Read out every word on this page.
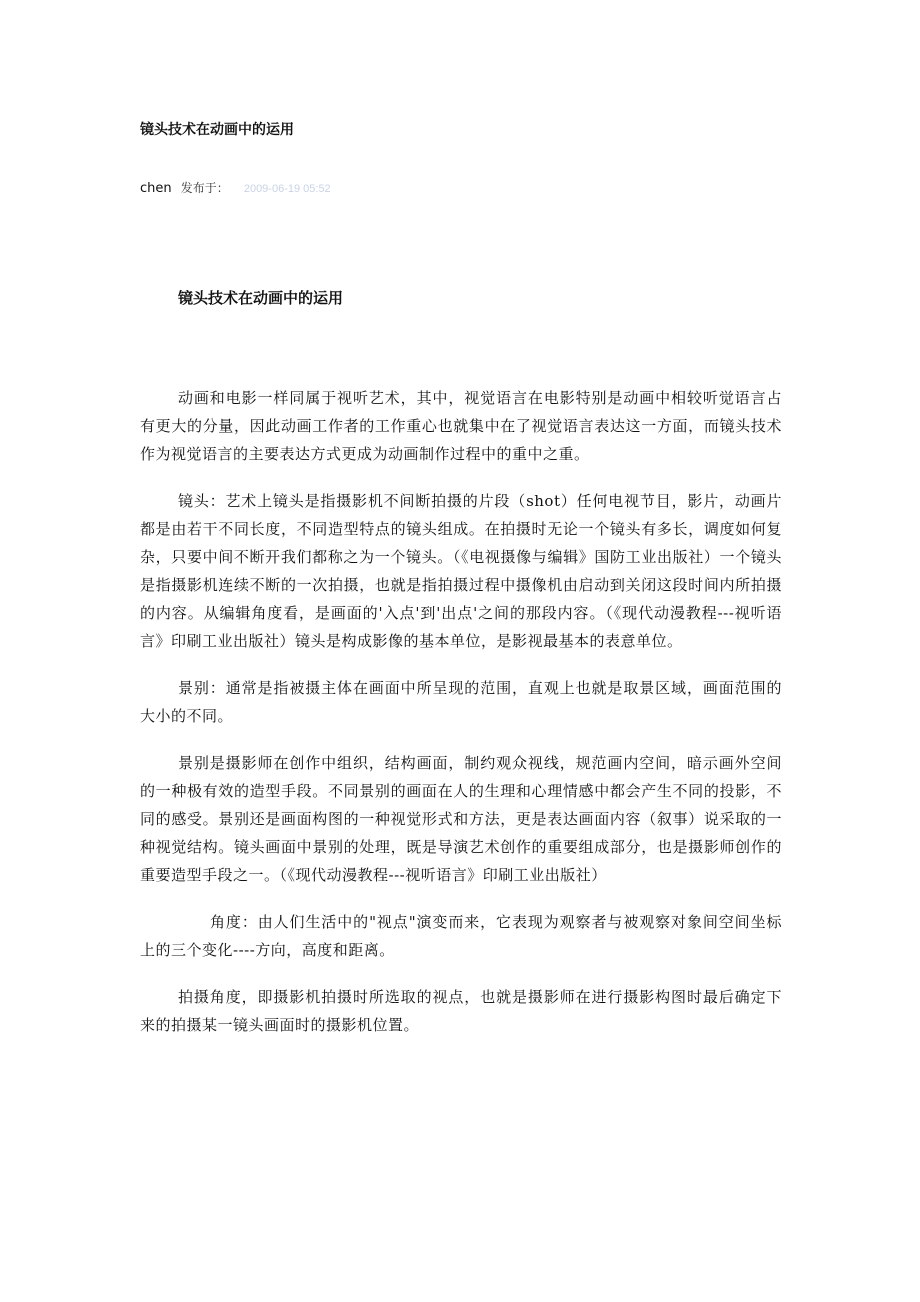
镜头技术在动画中的运用
chen 发布于： 2009-06-19 05:52
镜头技术在动画中的运用

动画和电影一样同属于视听艺术，其中，视觉语言在电影特别是动画中相较听觉语言占有更大的分量，因此动画工作者的工作重心也就集中在了视觉语言表达这一方面，而镜头技术作为视觉语言的主要表达方式更成为动画制作过程中的重中之重。

镜头：艺术上镜头是指摄影机不间断拍摄的片段（shot）任何电视节目，影片，动画片都是由若干不同长度，不同造型特点的镜头组成。在拍摄时无论一个镜头有多长，调度如何复杂，只要中间不断开我们都称之为一个镜头。（《电视摄像与编辑》国防工业出版社）一个镜头是指摄影机连续不断的一次拍摄，也就是指拍摄过程中摄像机由启动到关闭这段时间内所拍摄的内容。从编辑角度看，是画面的'入点'到'出点'之间的那段内容。（《现代动漫教程---视听语言》印刷工业出版社）镜头是构成影像的基本单位，是影视最基本的表意单位。

景别：通常是指被摄主体在画面中所呈现的范围，直观上也就是取景区域，画面范围的大小的不同。

景别是摄影师在创作中组织，结构画面，制约观众视线，规范画内空间，暗示画外空间的一种极有效的造型手段。不同景别的画面在人的生理和心理情感中都会产生不同的投影，不同的感受。景别还是画面构图的一种视觉形式和方法，更是表达画面内容（叙事）说采取的一种视觉结构。镜头画面中景别的处理，既是导演艺术创作的重要组成部分，也是摄影师创作的重要造型手段之一。（《现代动漫教程---视听语言》印刷工业出版社）

角度：由人们生活中的"视点"演变而来，它表现为观察者与被观察对象间空间坐标上的三个变化----方向，高度和距离。

拍摄角度，即摄影机拍摄时所选取的视点，也就是摄影师在进行摄影构图时最后确定下来的拍摄某一镜头画面时的摄影机位置。
